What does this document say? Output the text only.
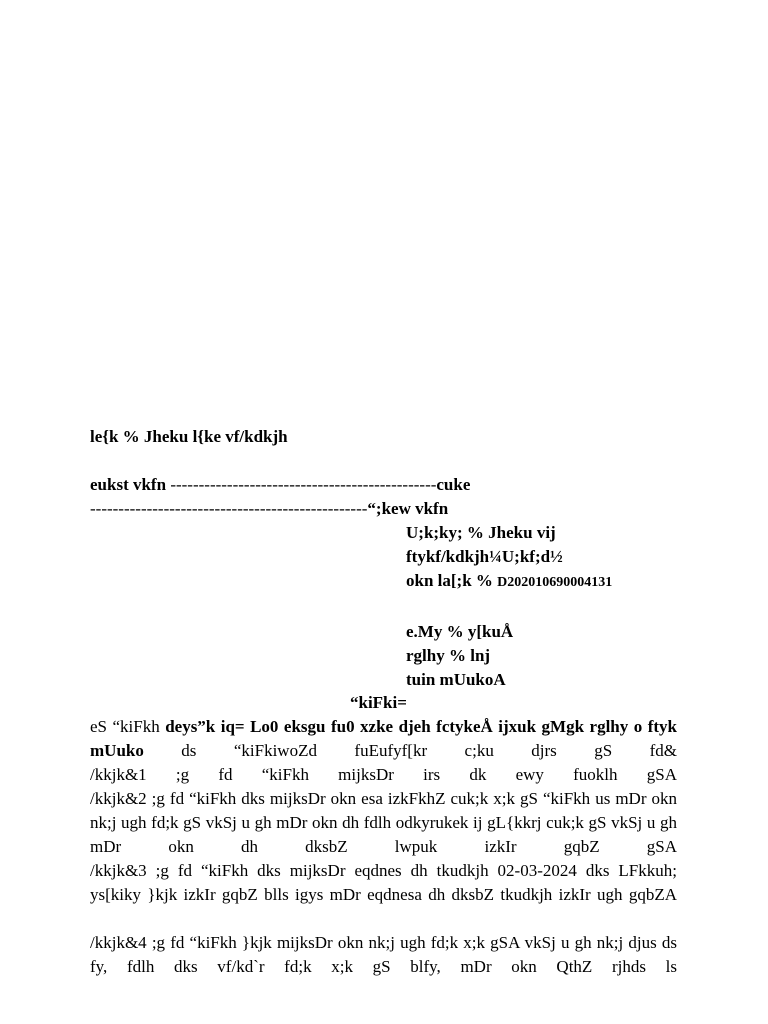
le{k % Jheku l{ke vf/kdkjh
eukst vkfn -----------------------------------------------cuke
-------------------------------------------------“;kew vkfn
U;k;ky; % Jheku vij
ftykf/kdkjh¼U;kf;d½
okn la[;k % D202010690004131
e.My % y[kuÅ
rglhy % lnj
tuin mUukoA
“kiFki=
eS “kiFkh deys”k iq= Lo0 eksgu fu0 xzke djeh fctykeÅ ijxuk gMgk rglhy o ftyk mUuko ds “kiFkiwoZd fuEufyf[kr c;ku djrs gS fd&
/kkjk&1 ;g fd “kiFkh mijksDr irs dk ewy fuoklh gSA
/kkjk&2 ;g fd “kiFkh dks mijksDr okn esa izkFkhZ cuk;k x;k gS “kiFkh us mDr okn nk;j ugh fd;k gS vkSj u gh mDr okn dh fdlh odkyrukek ij gL{kkrj cuk;k gS vkSj u gh mDr okn dh dksbZ lwpuk izkIr gqbZ gSA
/kkjk&3 ;g fd “kiFkh dks mijksDr eqdnes dh tkudkjh 02-03-2024 dks LFkkuh; ys[kiky }kjk izkIr gqbZ blls igys mDr eqdnesa dh dksbZ tkudkjh izkIr ugh gqbZA
/kkjk&4 ;g fd “kiFkh }kjk mijksDr okn nk;j ugh fd;k x;k gSA vkSj u gh nk;j djus ds fy, fdlh dks vf/kd`r fd;k x;k gS blfy, mDr okn QthZ rjhds ls
